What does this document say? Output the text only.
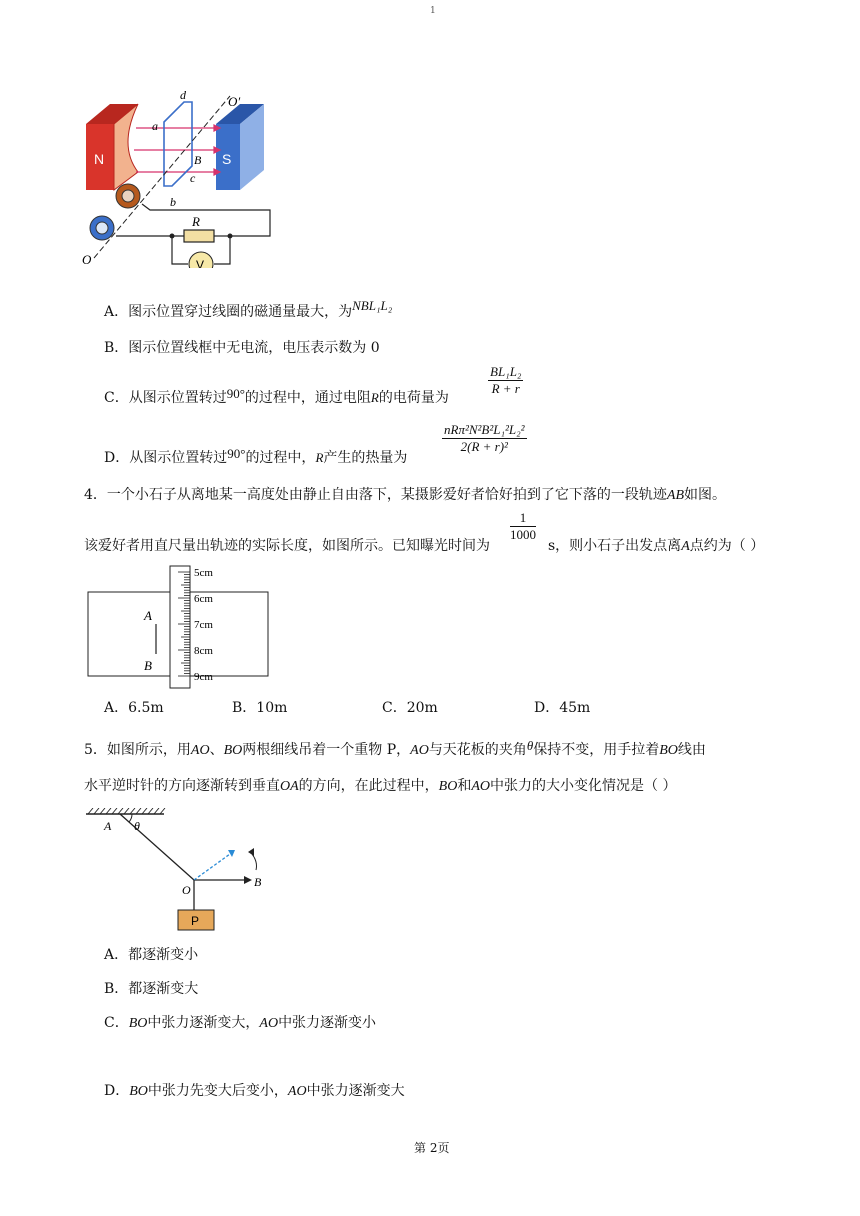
1
N	S
O′
d
a
B
c
b
V
R
O
A．图示位置穿过线圈的磁通量最大，为NBL₁L₂
B．图示位置线框中无电流，电压表示数为 0
C．从图示位置转过90°的过程中，通过电阻R的电荷量为
$\frac{\text{BL₁L₂}}{R + r}$
D．从图示位置转过90°的过程中，R产生的热量为
$\frac{\text{nRπ²N²B²L₁²L₂²}}{\text{2(R + r)²}}$
4．一个小石子从离地某一高度处由静止自由落下，某摄影爱好者恰好拍到了它下落的一段轨迹AB如图。
该爱好者用直尺量出轨迹的实际长度，如图所示。已知曝光时间为
$\frac{1}{1000}$
s，则小石子出发点离A点约为（ ）
5cm
6cm
7cm
8cm
9cm
A
B
A．6.5m	B．10m	C．20m	D．45m
5．如图所示，用AO、BO两根细线吊着一个重物 P，AO与天花板的夹角θ保持不变，用手拉着BO线由
水平逆时针的方向逐渐转到垂直OA的方向，在此过程中，BO和AO中张力的大小变化情况是（ ）
A θ
B
O
P
A．都逐渐变小
B．都逐渐变大
C．BO中张力逐渐变大，AO中张力逐渐变小
D．BO中张力先变大后变小，AO中张力逐渐变大
第 2页
